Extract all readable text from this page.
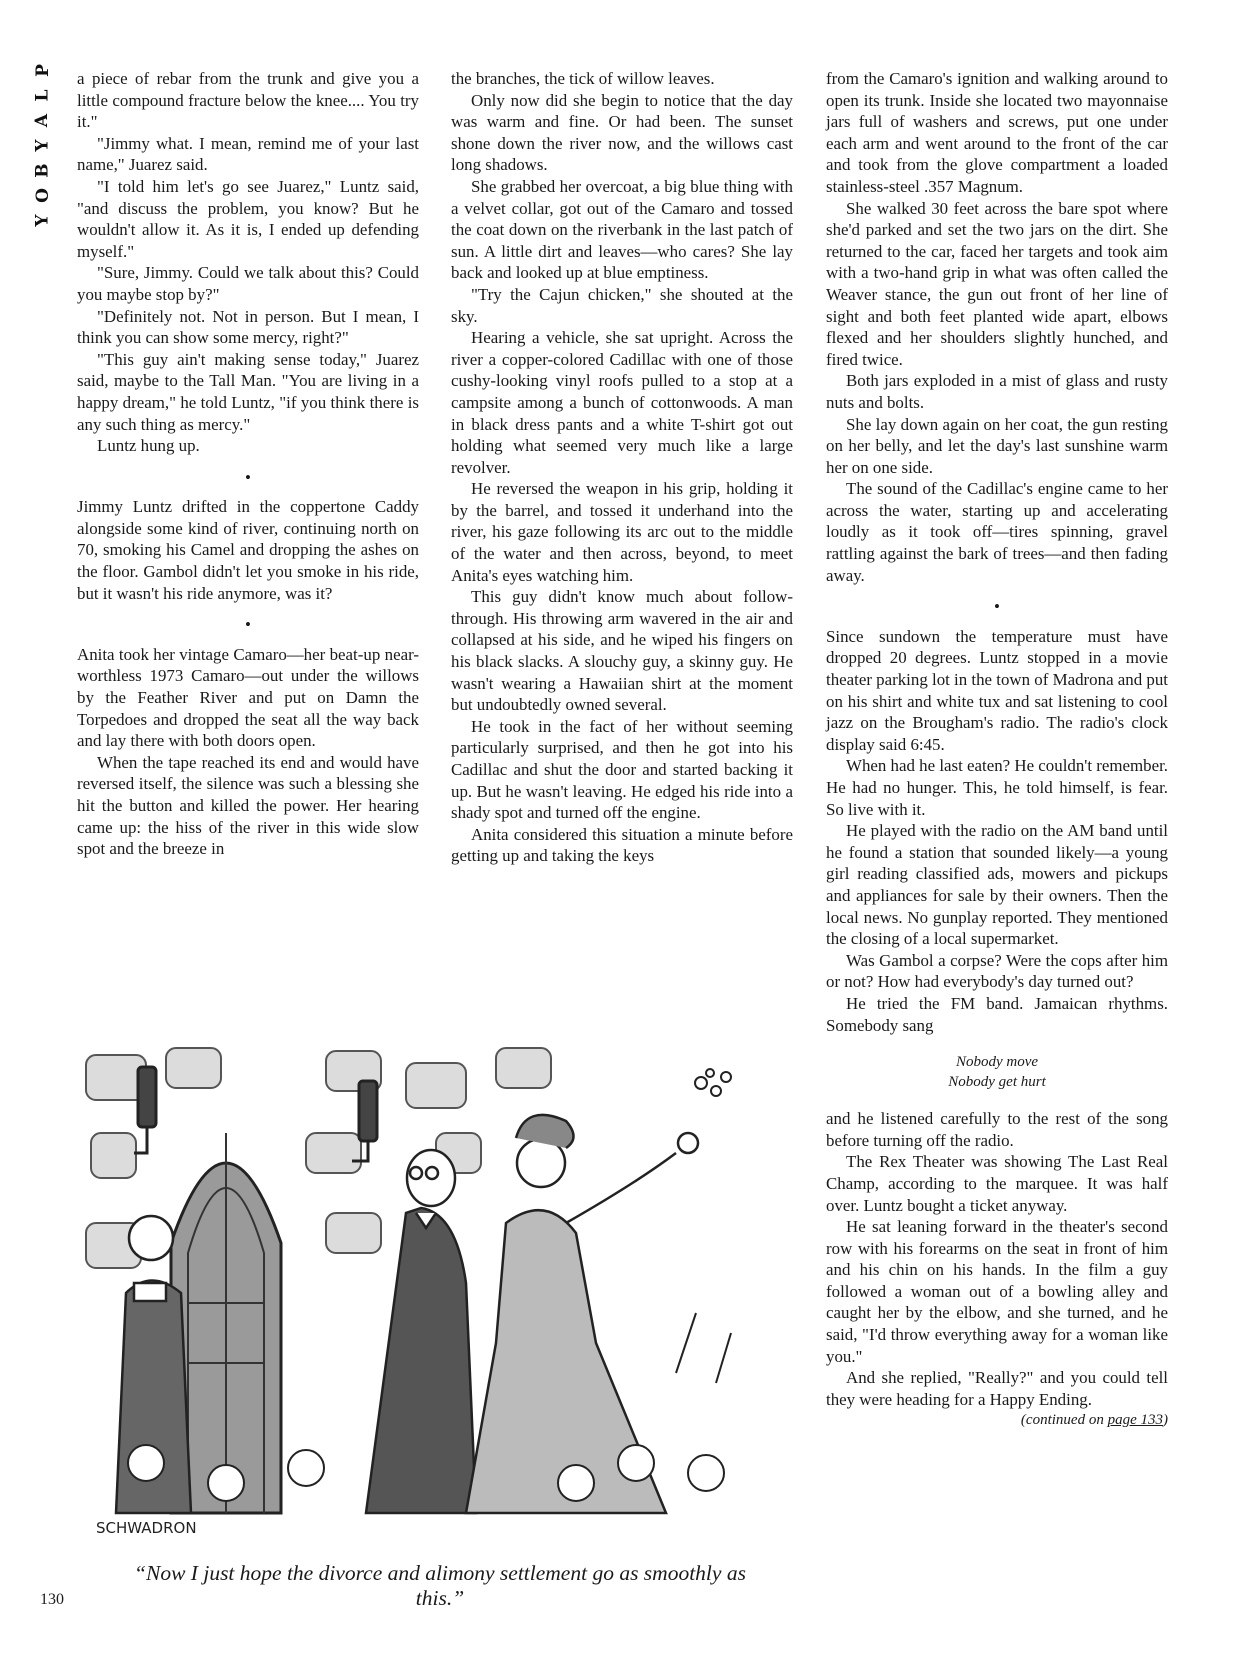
P
L
A
Y
B
O
Y

a piece of rebar from the trunk and give you a little compound fracture below the knee.... You try it."

"Jimmy what. I mean, remind me of your last name," Juarez said.

"I told him let's go see Juarez," Luntz said, "and discuss the problem, you know? But he wouldn't allow it. As it is, I ended up defending myself."

"Sure, Jimmy. Could we talk about this? Could you maybe stop by?"

"Definitely not. Not in person. But I mean, I think you can show some mercy, right?"

"This guy ain't making sense today," Juarez said, maybe to the Tall Man. "You are living in a happy dream," he told Luntz, "if you think there is any such thing as mercy."

Luntz hung up.

•

Jimmy Luntz drifted in the coppertone Caddy alongside some kind of river, continuing north on 70, smoking his Camel and dropping the ashes on the floor. Gambol didn't let you smoke in his ride, but it wasn't his ride anymore, was it?

•

Anita took her vintage Camaro—her beat-up near-worthless 1973 Camaro—out under the willows by the Feather River and put on Damn the Torpedoes and dropped the seat all the way back and lay there with both doors open.

When the tape reached its end and would have reversed itself, the silence was such a blessing she hit the button and killed the power. Her hearing came up: the hiss of the river in this wide slow spot and the breeze in

the branches, the tick of willow leaves.

Only now did she begin to notice that the day was warm and fine. Or had been. The sunset shone down the river now, and the willows cast long shadows.

She grabbed her overcoat, a big blue thing with a velvet collar, got out of the Camaro and tossed the coat down on the riverbank in the last patch of sun. A little dirt and leaves—who cares? She lay back and looked up at blue emptiness.

"Try the Cajun chicken," she shouted at the sky.

Hearing a vehicle, she sat upright. Across the river a copper-colored Cadillac with one of those cushy-looking vinyl roofs pulled to a stop at a campsite among a bunch of cottonwoods. A man in black dress pants and a white T-shirt got out holding what seemed very much like a large revolver.

He reversed the weapon in his grip, holding it by the barrel, and tossed it underhand into the river, his gaze following its arc out to the middle of the water and then across, beyond, to meet Anita's eyes watching him.

This guy didn't know much about follow-through. His throwing arm wavered in the air and collapsed at his side, and he wiped his fingers on his black slacks. A slouchy guy, a skinny guy. He wasn't wearing a Hawaiian shirt at the moment but undoubtedly owned several.

He took in the fact of her without seeming particularly surprised, and then he got into his Cadillac and shut the door and started backing it up. But he wasn't leaving. He edged his ride into a shady spot and turned off the engine.

Anita considered this situation a minute before getting up and taking the keys

from the Camaro's ignition and walking around to open its trunk. Inside she located two mayonnaise jars full of washers and screws, put one under each arm and went around to the front of the car and took from the glove compartment a loaded stainless-steel .357 Magnum.

She walked 30 feet across the bare spot where she'd parked and set the two jars on the dirt. She returned to the car, faced her targets and took aim with a two-hand grip in what was often called the Weaver stance, the gun out front of her line of sight and both feet planted wide apart, elbows flexed and her shoulders slightly hunched, and fired twice.

Both jars exploded in a mist of glass and rusty nuts and bolts.

She lay down again on her coat, the gun resting on her belly, and let the day's last sunshine warm her on one side.

The sound of the Cadillac's engine came to her across the water, starting up and accelerating loudly as it took off—tires spinning, gravel rattling against the bark of trees—and then fading away.

•

Since sundown the temperature must have dropped 20 degrees. Luntz stopped in a movie theater parking lot in the town of Madrona and put on his shirt and white tux and sat listening to cool jazz on the Brougham's radio. The radio's clock display said 6:45.

When had he last eaten? He couldn't remember. He had no hunger. This, he told himself, is fear. So live with it.

He played with the radio on the AM band until he found a station that sounded likely—a young girl reading classified ads, mowers and pickups and appliances for sale by their owners. Then the local news. No gunplay reported. They mentioned the closing of a local supermarket.

Was Gambol a corpse? Were the cops after him or not? How had everybody's day turned out?

He tried the FM band. Jamaican rhythms. Somebody sang

Nobody move
Nobody get hurt

and he listened carefully to the rest of the song before turning off the radio.

The Rex Theater was showing The Last Real Champ, according to the marquee. It was half over. Luntz bought a ticket anyway.

He sat leaning forward in the theater's second row with his forearms on the seat in front of him and his chin on his hands. In the film a guy followed a woman out of a bowling alley and caught her by the elbow, and she turned, and he said, "I'd throw everything away for a woman like you."

And she replied, "Really?" and you could tell they were heading for a Happy Ending.

(continued on page 133)

SCHWADRON
“Now I just hope the divorce and alimony settlement go as smoothly as this.”
130
